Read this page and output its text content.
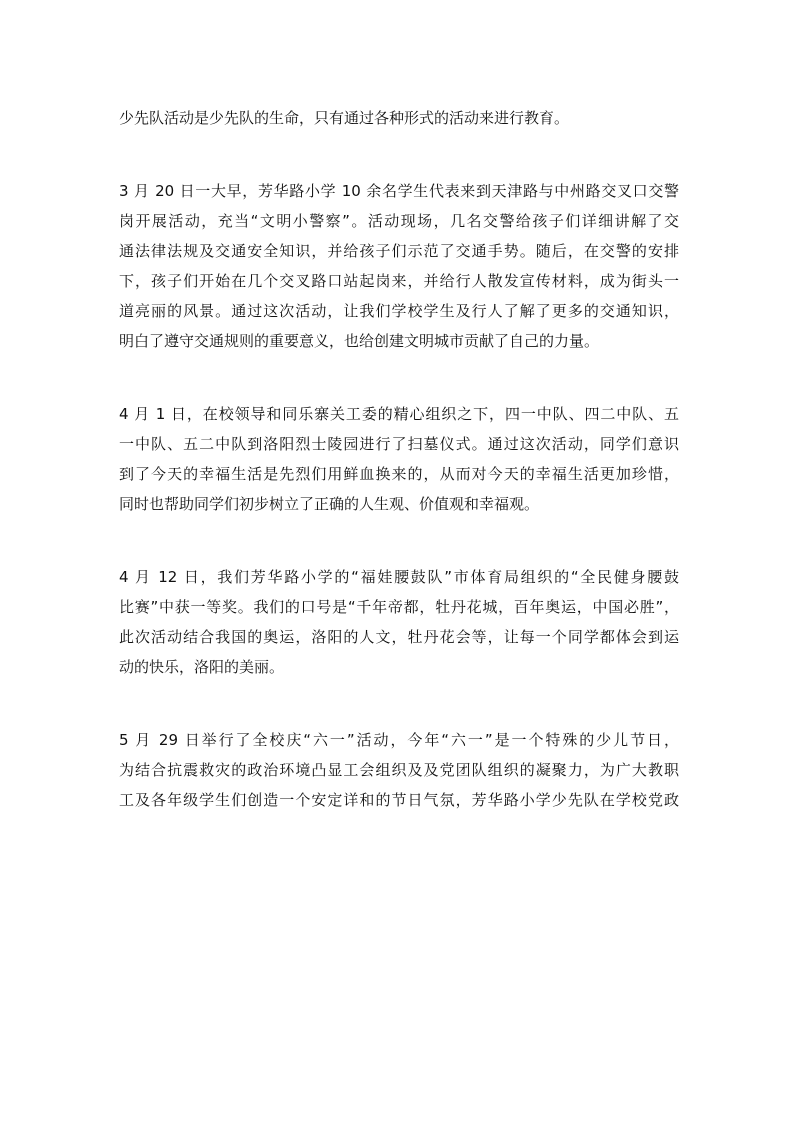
少先队活动是少先队的生命，只有通过各种形式的活动来进行教育。
3 月 20 日一大早，芳华路小学 10 余名学生代表来到天津路与中州路交叉口交警
岗开展活动，充当“文明小警察”。活动现场，几名交警给孩子们详细讲解了交
通法律法规及交通安全知识，并给孩子们示范了交通手势。随后，在交警的安排
下，孩子们开始在几个交叉路口站起岗来，并给行人散发宣传材料，成为街头一
道亮丽的风景。通过这次活动，让我们学校学生及行人了解了更多的交通知识，
明白了遵守交通规则的重要意义，也给创建文明城市贡献了自己的力量。
4 月 1 日，在校领导和同乐寨关工委的精心组织之下，四一中队、四二中队、五
一中队、五二中队到洛阳烈士陵园进行了扫墓仪式。通过这次活动，同学们意识
到了今天的幸福生活是先烈们用鲜血换来的，从而对今天的幸福生活更加珍惜，
同时也帮助同学们初步树立了正确的人生观、价值观和幸福观。
4 月 12 日，我们芳华路小学的“福娃腰鼓队”市体育局组织的“全民健身腰鼓
比赛”中获一等奖。我们的口号是“千年帝都，牡丹花城，百年奥运，中国必胜”，
此次活动结合我国的奥运，洛阳的人文，牡丹花会等，让每一个同学都体会到运
动的快乐，洛阳的美丽。
5 月 29 日举行了全校庆“六一”活动，今年“六一”是一个特殊的少儿节日，
为结合抗震救灾的政治环境凸显工会组织及及党团队组织的凝聚力，为广大教职
工及各年级学生们创造一个安定详和的节日气氛，芳华路小学少先队在学校党政
